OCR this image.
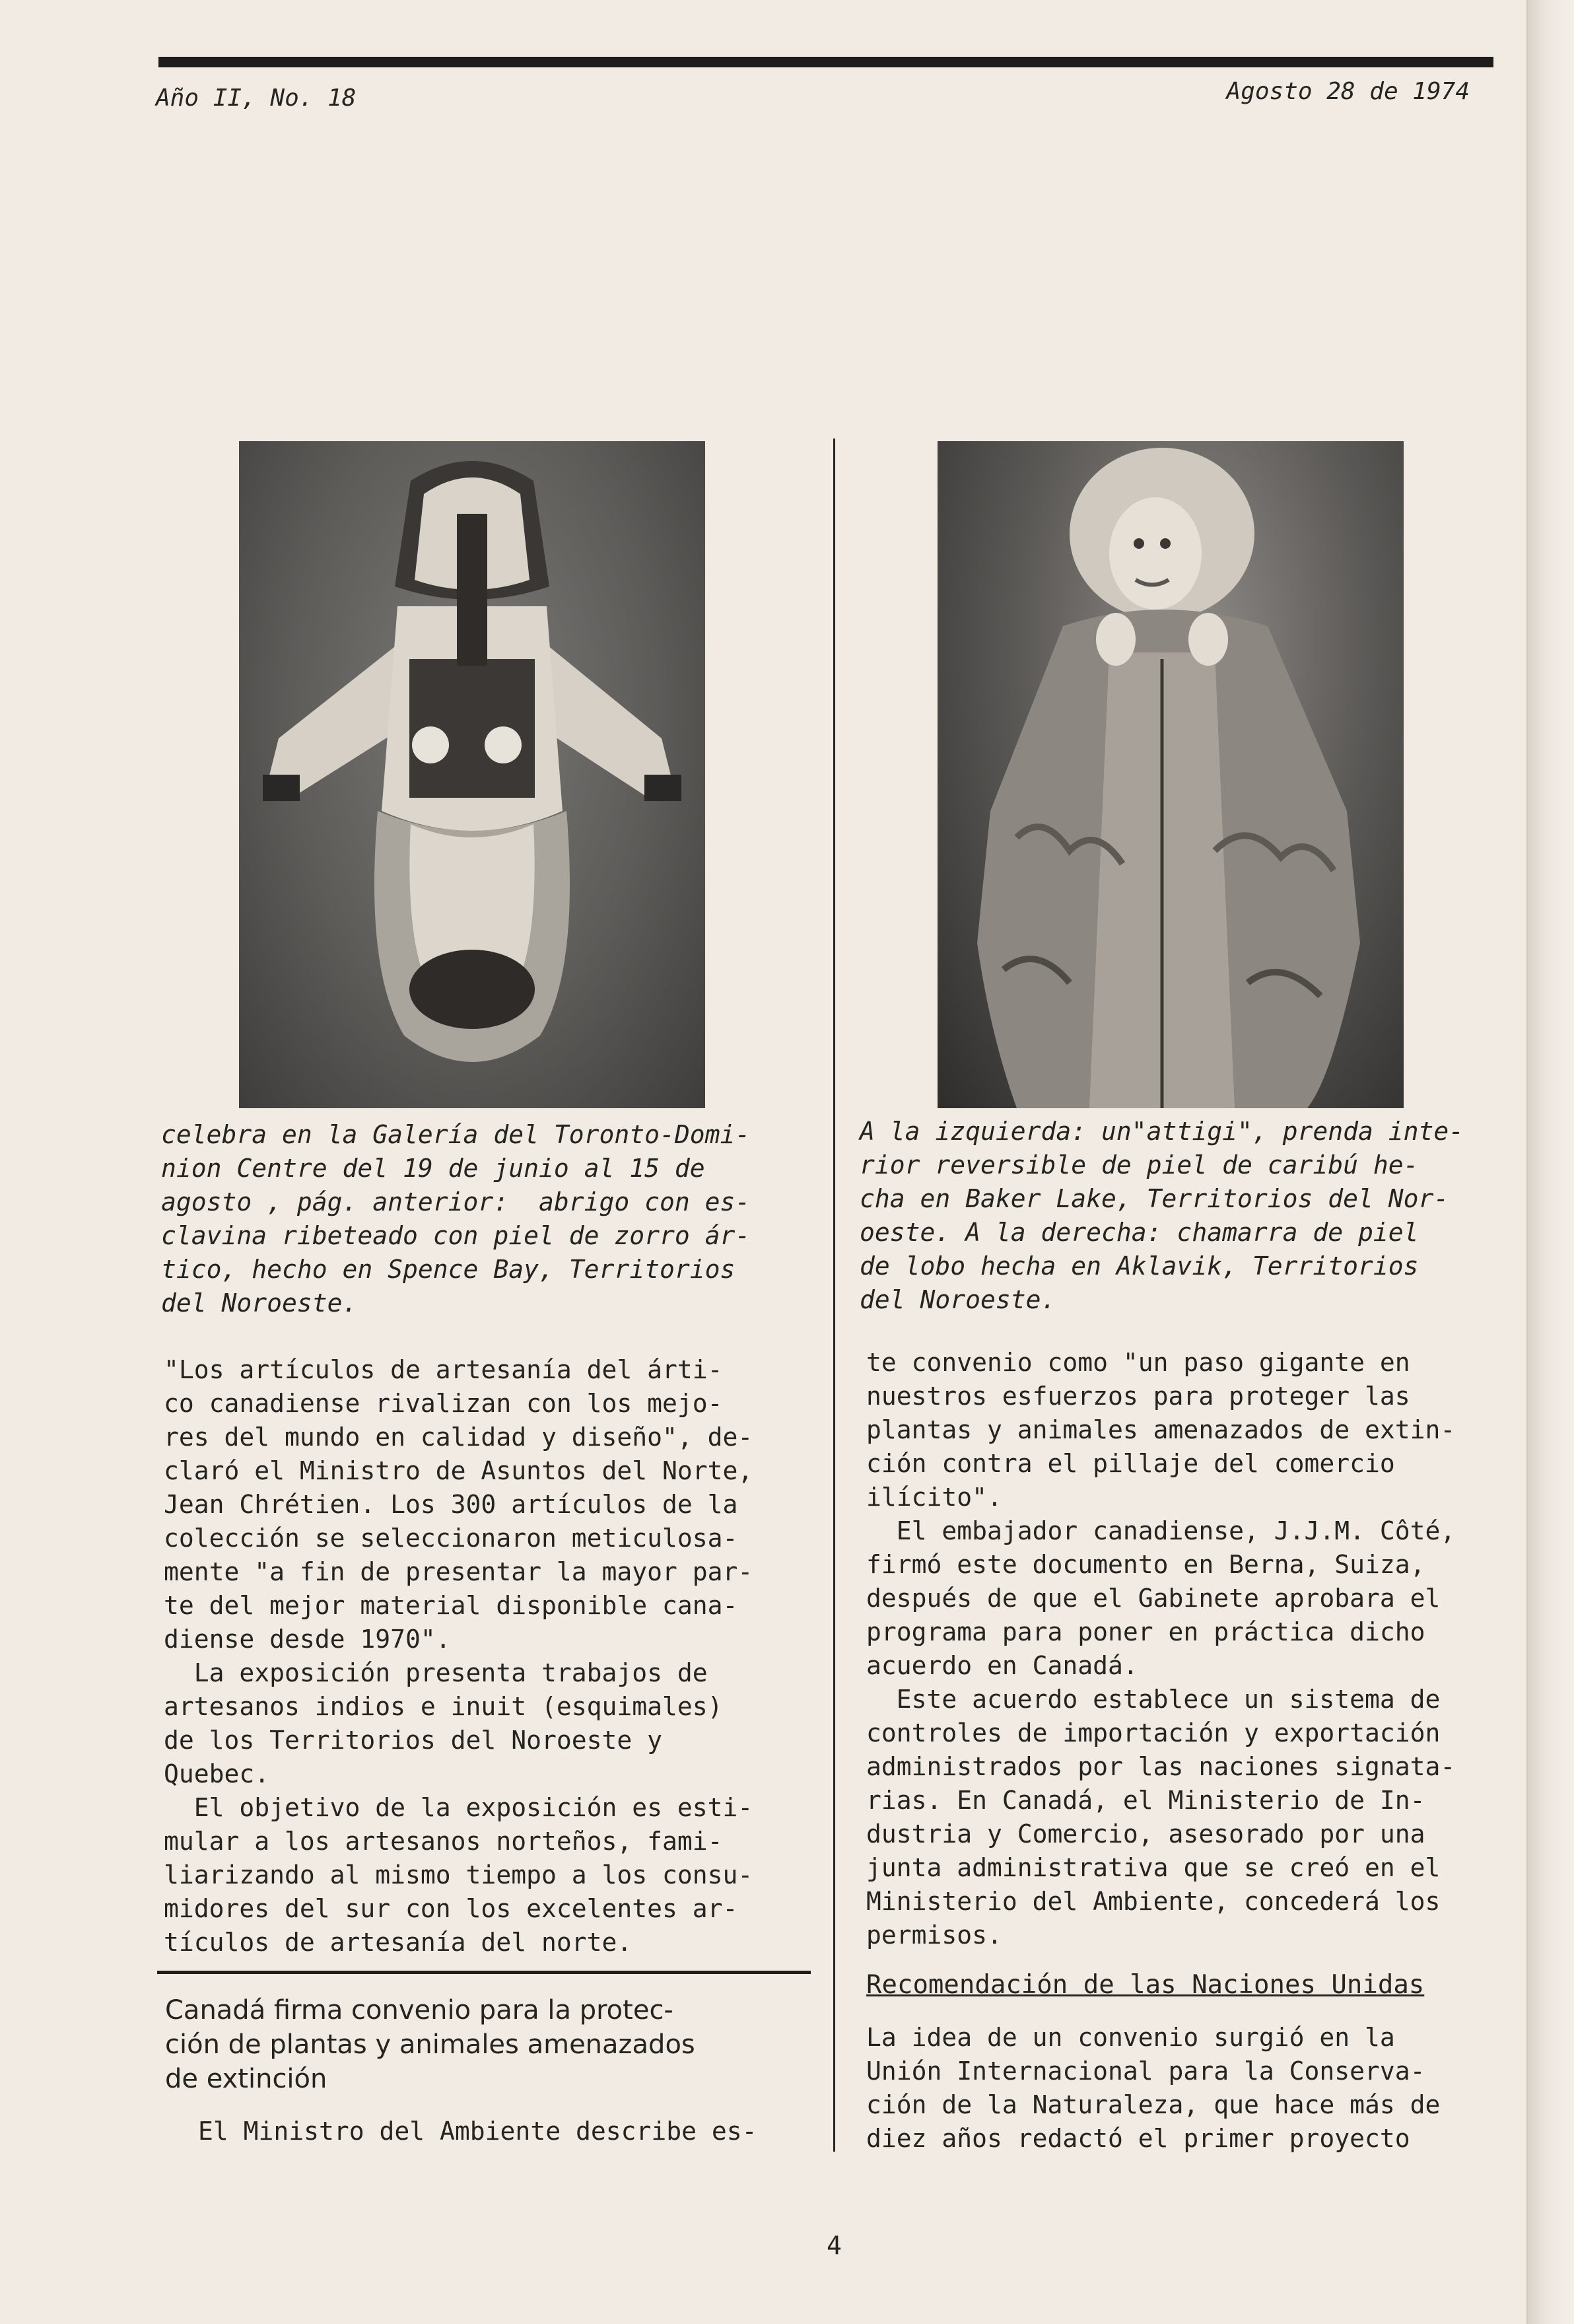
Año II, No. 18	Agosto 28 de 1974
celebra en la Galería del Toronto-Domi-
nion Centre del 19 de junio al 15 de
agosto , pág. anterior:  abrigo con es-
clavina ribeteado con piel de zorro ár-
tico, hecho en Spence Bay, Territorios
del Noroeste.
A la izquierda: un"attigi", prenda inte-
rior reversible de piel de caribú he-
cha en Baker Lake, Territorios del Nor-
oeste. A la derecha: chamarra de piel
de lobo hecha en Aklavik, Territorios
del Noroeste.
"Los artículos de artesanía del árti-
co canadiense rivalizan con los mejo-
res del mundo en calidad y diseño", de-
claró el Ministro de Asuntos del Norte,
Jean Chrétien. Los 300 artículos de la
colección se seleccionaron meticulosa-
mente "a fin de presentar la mayor par-
te del mejor material disponible cana-
diense desde 1970".
La exposición presenta trabajos de
artesanos indios e inuit (esquimales)
de los Territorios del Noroeste y
Quebec.
El objetivo de la exposición es esti-
mular a los artesanos norteños, fami-
liarizando al mismo tiempo a los consu-
midores del sur con los excelentes ar-
tículos de artesanía del norte.
Canadá firma convenio para la protec-
ción de plantas y animales amenazados
de extinción
El Ministro del Ambiente describe es-
te convenio como "un paso gigante en
nuestros esfuerzos para proteger las
plantas y animales amenazados de extin-
ción contra el pillaje del comercio
ilícito".
El embajador canadiense, J.J.M. Côté,
firmó este documento en Berna, Suiza,
después de que el Gabinete aprobara el
programa para poner en práctica dicho
acuerdo en Canadá.
Este acuerdo establece un sistema de
controles de importación y exportación
administrados por las naciones signata-
rias. En Canadá, el Ministerio de In-
dustria y Comercio, asesorado por una
junta administrativa que se creó en el
Ministerio del Ambiente, concederá los
permisos.
Recomendación de las Naciones Unidas
La idea de un convenio surgió en la
Unión Internacional para la Conserva-
ción de la Naturaleza, que hace más de
diez años redactó el primer proyecto
4
